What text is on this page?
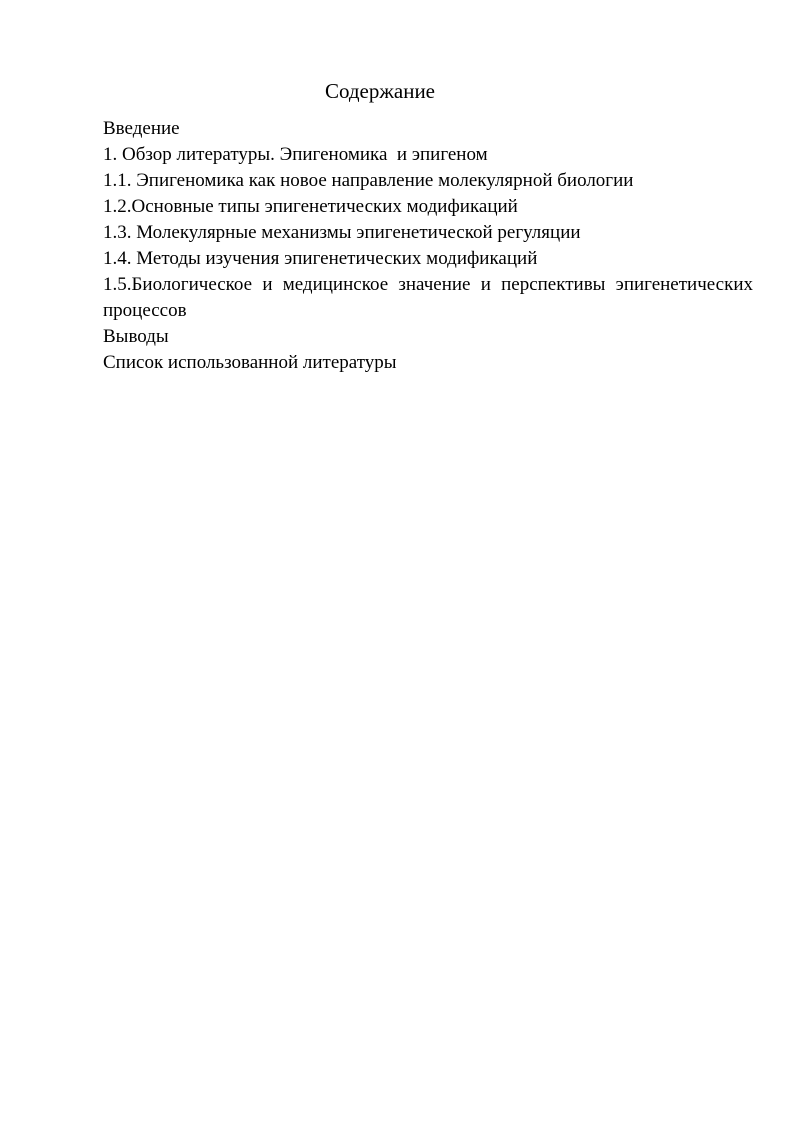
Содержание
Введение
1. Обзор литературы. Эпигеномика  и эпигеном
1.1. Эпигеномика как новое направление молекулярной биологии
1.2.Основные типы эпигенетических модификаций
1.3. Молекулярные механизмы эпигенетической регуляции
1.4. Методы изучения эпигенетических модификаций
1.5.Биологическое и медицинское значение и перспективы эпигенетических процессов
Выводы
Список использованной литературы
